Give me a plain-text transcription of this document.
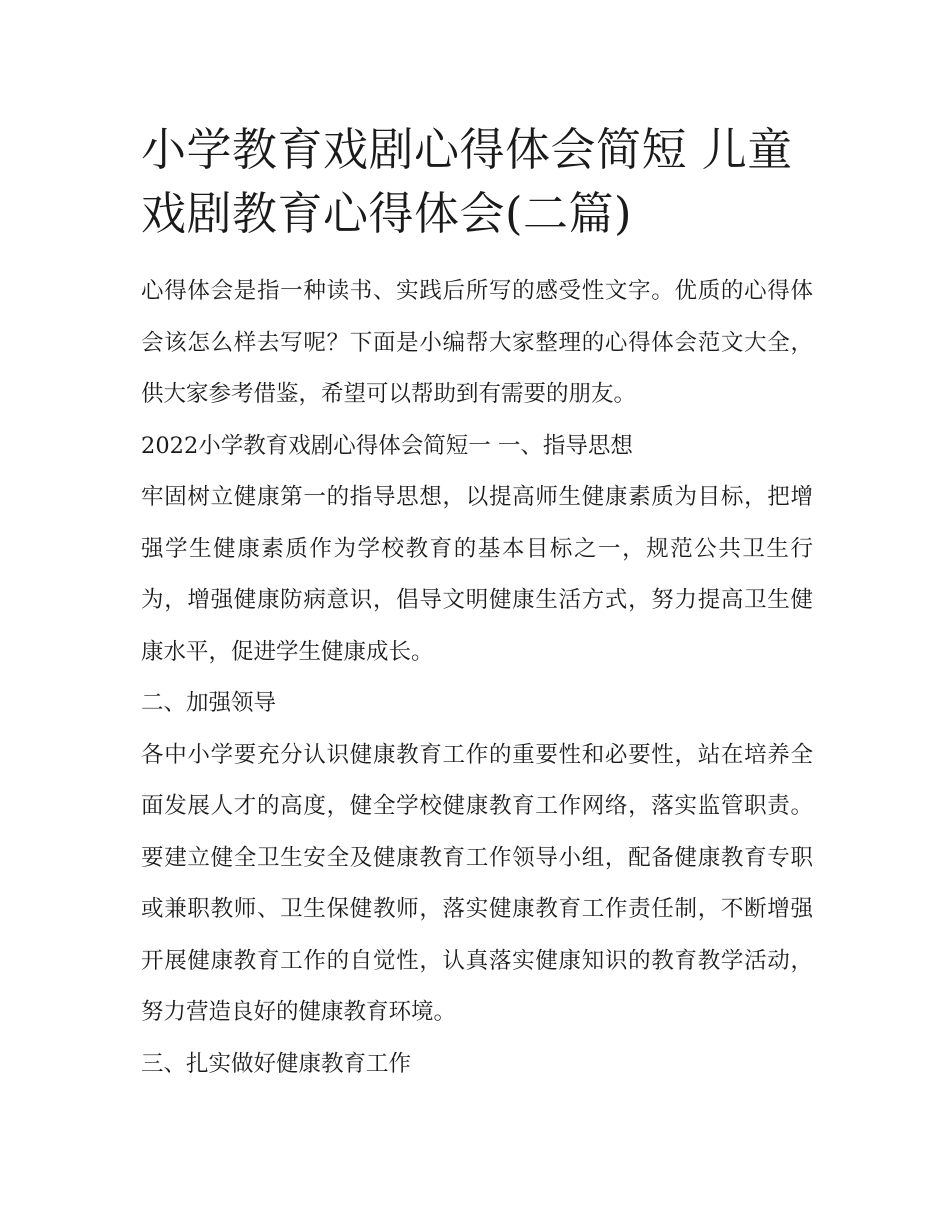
小学教育戏剧心得体会简短 儿童戏剧教育心得体会(二篇)

心得体会是指一种读书、实践后所写的感受性文字。优质的心得体会该怎么样去写呢？下面是小编帮大家整理的心得体会范文大全，供大家参考借鉴，希望可以帮助到有需要的朋友。

2022小学教育戏剧心得体会简短一 一、指导思想

牢固树立健康第一的指导思想，以提高师生健康素质为目标，把增强学生健康素质作为学校教育的基本目标之一，规范公共卫生行为，增强健康防病意识，倡导文明健康生活方式，努力提高卫生健康水平，促进学生健康成长。

二、加强领导

各中小学要充分认识健康教育工作的重要性和必要性，站在培养全面发展人才的高度，健全学校健康教育工作网络，落实监管职责。要建立健全卫生安全及健康教育工作领导小组，配备健康教育专职或兼职教师、卫生保健教师，落实健康教育工作责任制，不断增强开展健康教育工作的自觉性，认真落实健康知识的教育教学活动，努力营造良好的健康教育环境。

三、扎实做好健康教育工作
